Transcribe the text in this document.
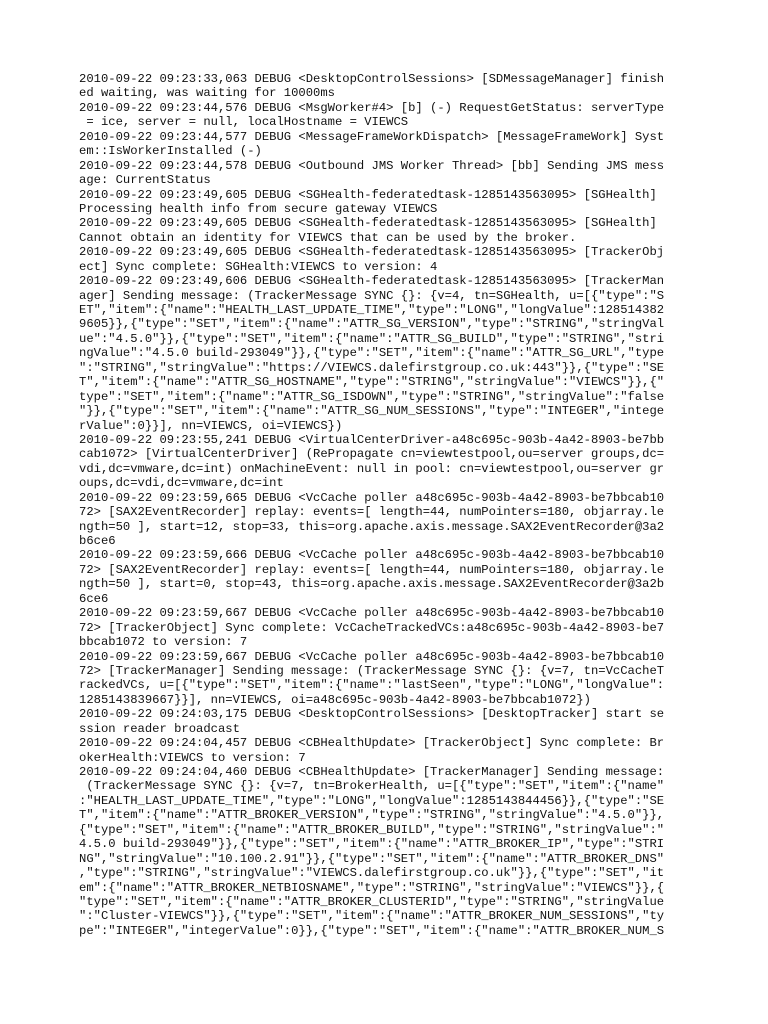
2010-09-22 09:23:33,063 DEBUG <DesktopControlSessions> [SDMessageManager] finish
ed waiting, was waiting for 10000ms
2010-09-22 09:23:44,576 DEBUG <MsgWorker#4> [b] (-) RequestGetStatus: serverType
= ice, server = null, localHostname = VIEWCS
2010-09-22 09:23:44,577 DEBUG <MessageFrameWorkDispatch> [MessageFrameWork] Syst
em::IsWorkerInstalled (-)
2010-09-22 09:23:44,578 DEBUG <Outbound JMS Worker Thread> [bb] Sending JMS mess
age: CurrentStatus
2010-09-22 09:23:49,605 DEBUG <SGHealth-federatedtask-1285143563095> [SGHealth]
Processing health info from secure gateway VIEWCS
2010-09-22 09:23:49,605 DEBUG <SGHealth-federatedtask-1285143563095> [SGHealth]
Cannot obtain an identity for VIEWCS that can be used by the broker.
2010-09-22 09:23:49,605 DEBUG <SGHealth-federatedtask-1285143563095> [TrackerObj
ect] Sync complete: SGHealth:VIEWCS to version: 4
2010-09-22 09:23:49,606 DEBUG <SGHealth-federatedtask-1285143563095> [TrackerMan
ager] Sending message: (TrackerMessage SYNC {}: {v=4, tn=SGHealth, u=[{"type":"S
ET","item":{"name":"HEALTH_LAST_UPDATE_TIME","type":"LONG","longValue":128514382
9605}},{"type":"SET","item":{"name":"ATTR_SG_VERSION","type":"STRING","stringVal
ue":"4.5.0"}},{"type":"SET","item":{"name":"ATTR_SG_BUILD","type":"STRING","stri
ngValue":"4.5.0 build-293049"}},{"type":"SET","item":{"name":"ATTR_SG_URL","type
":"STRING","stringValue":"https://VIEWCS.dalefirstgroup.co.uk:443"}},{"type":"SE
T","item":{"name":"ATTR_SG_HOSTNAME","type":"STRING","stringValue":"VIEWCS"}},{"
type":"SET","item":{"name":"ATTR_SG_ISDOWN","type":"STRING","stringValue":"false
"}},{"type":"SET","item":{"name":"ATTR_SG_NUM_SESSIONS","type":"INTEGER","intege
rValue":0}}], nn=VIEWCS, oi=VIEWCS})
2010-09-22 09:23:55,241 DEBUG <VirtualCenterDriver-a48c695c-903b-4a42-8903-be7bb
cab1072> [VirtualCenterDriver] (RePropagate cn=viewtestpool,ou=server groups,dc=
vdi,dc=vmware,dc=int) onMachineEvent: null in pool: cn=viewtestpool,ou=server gr
oups,dc=vdi,dc=vmware,dc=int
2010-09-22 09:23:59,665 DEBUG <VcCache poller a48c695c-903b-4a42-8903-be7bbcab10
72> [SAX2EventRecorder] replay: events=[ length=44, numPointers=180, objarray.le
ngth=50 ], start=12, stop=33, this=org.apache.axis.message.SAX2EventRecorder@3a2
b6ce6
2010-09-22 09:23:59,666 DEBUG <VcCache poller a48c695c-903b-4a42-8903-be7bbcab10
72> [SAX2EventRecorder] replay: events=[ length=44, numPointers=180, objarray.le
ngth=50 ], start=0, stop=43, this=org.apache.axis.message.SAX2EventRecorder@3a2b
6ce6
2010-09-22 09:23:59,667 DEBUG <VcCache poller a48c695c-903b-4a42-8903-be7bbcab10
72> [TrackerObject] Sync complete: VcCacheTrackedVCs:a48c695c-903b-4a42-8903-be7
bbcab1072 to version: 7
2010-09-22 09:23:59,667 DEBUG <VcCache poller a48c695c-903b-4a42-8903-be7bbcab10
72> [TrackerManager] Sending message: (TrackerMessage SYNC {}: {v=7, tn=VcCacheT
rackedVCs, u=[{"type":"SET","item":{"name":"lastSeen","type":"LONG","longValue":
1285143839667}}], nn=VIEWCS, oi=a48c695c-903b-4a42-8903-be7bbcab1072})
2010-09-22 09:24:03,175 DEBUG <DesktopControlSessions> [DesktopTracker] start se
ssion reader broadcast
2010-09-22 09:24:04,457 DEBUG <CBHealthUpdate> [TrackerObject] Sync complete: Br
okerHealth:VIEWCS to version: 7
2010-09-22 09:24:04,460 DEBUG <CBHealthUpdate> [TrackerManager] Sending message:
(TrackerMessage SYNC {}: {v=7, tn=BrokerHealth, u=[{"type":"SET","item":{"name"
:"HEALTH_LAST_UPDATE_TIME","type":"LONG","longValue":1285143844456}},{"type":"SE
T","item":{"name":"ATTR_BROKER_VERSION","type":"STRING","stringValue":"4.5.0"}},
{"type":"SET","item":{"name":"ATTR_BROKER_BUILD","type":"STRING","stringValue":"
4.5.0 build-293049"}},{"type":"SET","item":{"name":"ATTR_BROKER_IP","type":"STRI
NG","stringValue":"10.100.2.91"}},{"type":"SET","item":{"name":"ATTR_BROKER_DNS"
,"type":"STRING","stringValue":"VIEWCS.dalefirstgroup.co.uk"}},{"type":"SET","it
em":{"name":"ATTR_BROKER_NETBIOSNAME","type":"STRING","stringValue":"VIEWCS"}},{
"type":"SET","item":{"name":"ATTR_BROKER_CLUSTERID","type":"STRING","stringValue
":"Cluster-VIEWCS"}},{"type":"SET","item":{"name":"ATTR_BROKER_NUM_SESSIONS","ty
pe":"INTEGER","integerValue":0}},{"type":"SET","item":{"name":"ATTR_BROKER_NUM_S
